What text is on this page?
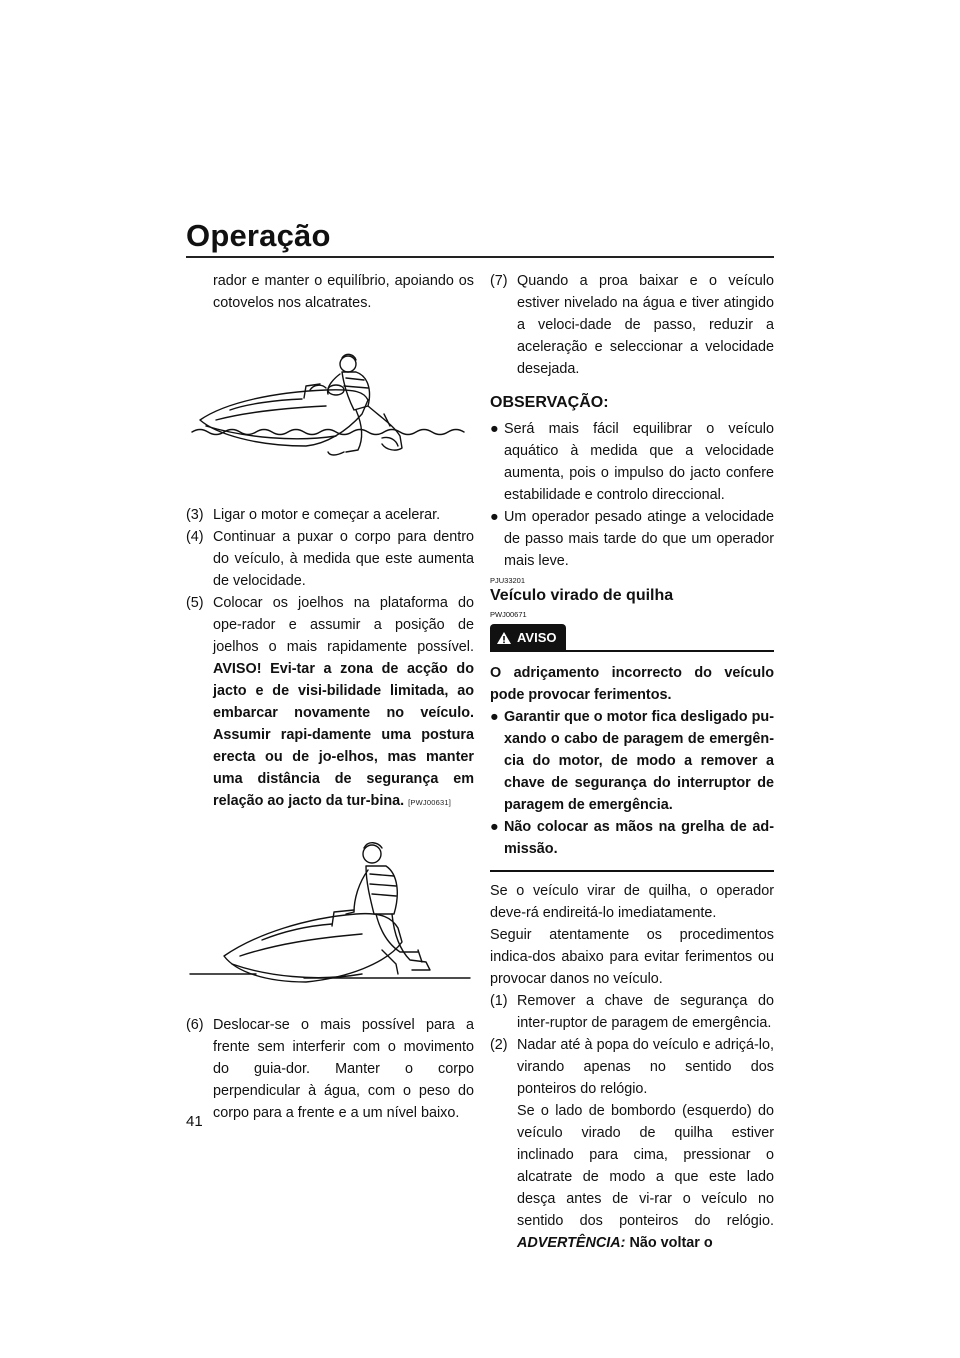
Operação

rador e manter o equilíbrio, apoiando os cotovelos nos alcatrates.

(3) Ligar o motor e começar a acelerar.
(4) Continuar a puxar o corpo para dentro do veículo, à medida que este aumenta de velocidade.
(5) Colocar os joelhos na plataforma do ope-rador e assumir a posição de joelhos o mais rapidamente possível. AVISO! Evi-tar a zona de acção do jacto e de visi-bilidade limitada, ao embarcar novamente no veículo. Assumir rapi-damente uma postura erecta ou de jo-elhos, mas manter uma distância de segurança em relação ao jacto da tur-bina. [PWJ00631]
(6) Deslocar-se o mais possível para a frente sem interferir com o movimento do guia-dor. Manter o corpo perpendicular à água, com o peso do corpo para a frente e a um nível baixo.
(7) Quando a proa baixar e o veículo estiver nivelado na água e tiver atingido a veloci-dade de passo, reduzir a aceleração e seleccionar a velocidade desejada.
OBSERVAÇÃO:
● Será mais fácil equilibrar o veículo aquático à medida que a velocidade aumenta, pois o impulso do jacto confere estabilidade e controlo direccional.
● Um operador pesado atinge a velocidade de passo mais tarde do que um operador mais leve.
PJU33201
Veículo virado de quilha
PWJ00671
AVISO

O adriçamento incorrecto do veículo pode provocar ferimentos.

● Garantir que o motor fica desligado pu-xando o cabo de paragem de emergên-cia do motor, de modo a remover a chave de segurança do interruptor de paragem de emergência.
● Não colocar as mãos na grelha de ad-missão.

Se o veículo virar de quilha, o operador deve-rá endireitá-lo imediatamente.

Seguir atentamente os procedimentos indica-dos abaixo para evitar ferimentos ou provocar danos no veículo.

(1) Remover a chave de segurança do inter-ruptor de paragem de emergência.
(2) Nadar até à popa do veículo e adriçá-lo, virando apenas no sentido dos ponteiros do relógio.

Se o lado de bombordo (esquerdo) do veículo virado de quilha estiver inclinado para cima, pressionar o alcatrate de modo a que este lado desça antes de vi-rar o veículo no sentido dos ponteiros do relógio. ADVERTÊNCIA: Não voltar o

41
